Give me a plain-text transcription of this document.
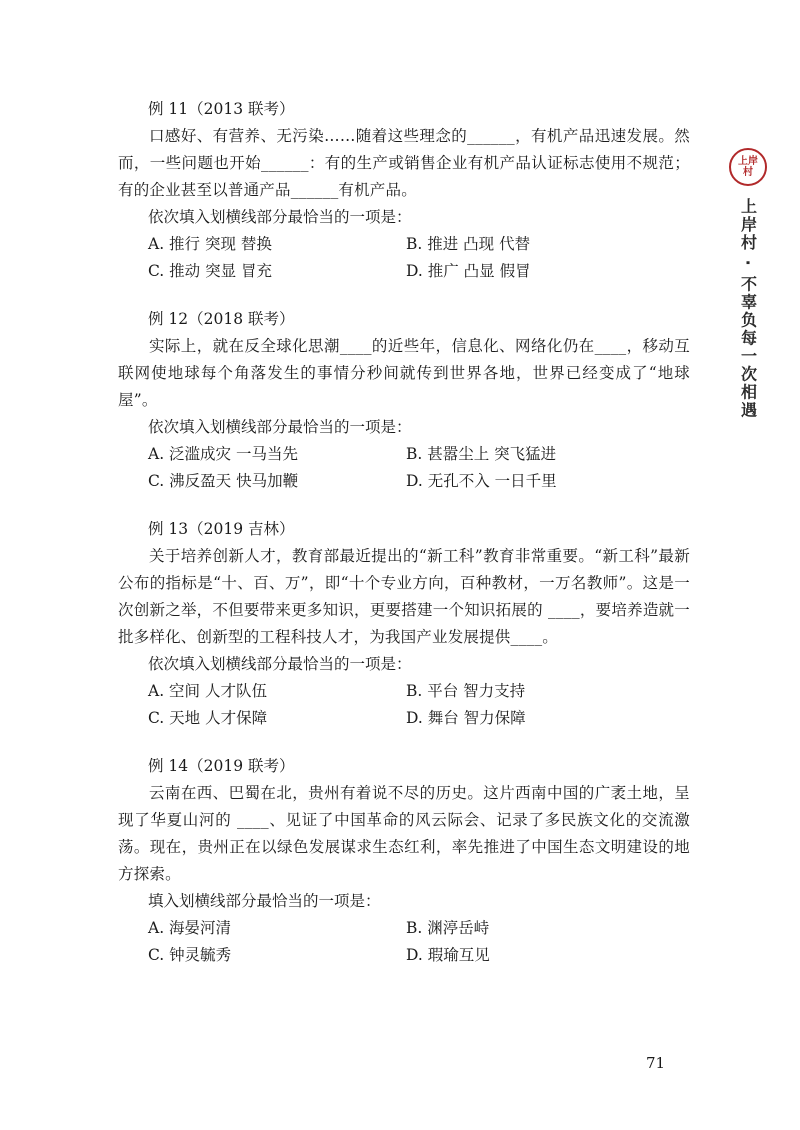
例 11（2013 联考）
口感好、有营养、无污染……随着这些理念的______，有机产品迅速发展。然而，一些问题也开始______：有的生产或销售企业有机产品认证标志使用不规范；有的企业甚至以普通产品______有机产品。
依次填入划横线部分最恰当的一项是：
A. 推行 突现 替换	B. 推进 凸现 代替
C. 推动 突显 冒充	D. 推广 凸显 假冒
例 12（2018 联考）
实际上，就在反全球化思潮____的近些年，信息化、网络化仍在____，移动互联网使地球每个角落发生的事情分秒间就传到世界各地，世界已经变成了“地球屋”。
依次填入划横线部分最恰当的一项是：
A. 泛滥成灾 一马当先	B. 甚嚣尘上 突飞猛进
C. 沸反盈天 快马加鞭	D. 无孔不入 一日千里
例 13（2019 吉林）
关于培养创新人才，教育部最近提出的“新工科”教育非常重要。“新工科”最新公布的指标是“十、百、万”，即“十个专业方向，百种教材，一万名教师”。这是一次创新之举，不但要带来更多知识，更要搭建一个知识拓展的 ____，要培养造就一批多样化、创新型的工程科技人才，为我国产业发展提供____。
依次填入划横线部分最恰当的一项是：
A. 空间 人才队伍	B. 平台 智力支持
C. 天地 人才保障	D. 舞台 智力保障
例 14（2019 联考）
云南在西、巴蜀在北，贵州有着说不尽的历史。这片西南中国的广袤土地，呈现了华夏山河的 ____、见证了中国革命的风云际会、记录了多民族文化的交流激荡。现在，贵州正在以绿色发展谋求生态红利，率先推进了中国生态文明建设的地方探索。
填入划横线部分最恰当的一项是：
A. 海晏河清	B. 渊渟岳峙
C. 钟灵毓秀	D. 瑕瑜互见
上岸
村
上岸村 · 不辜负每一次相遇
71
